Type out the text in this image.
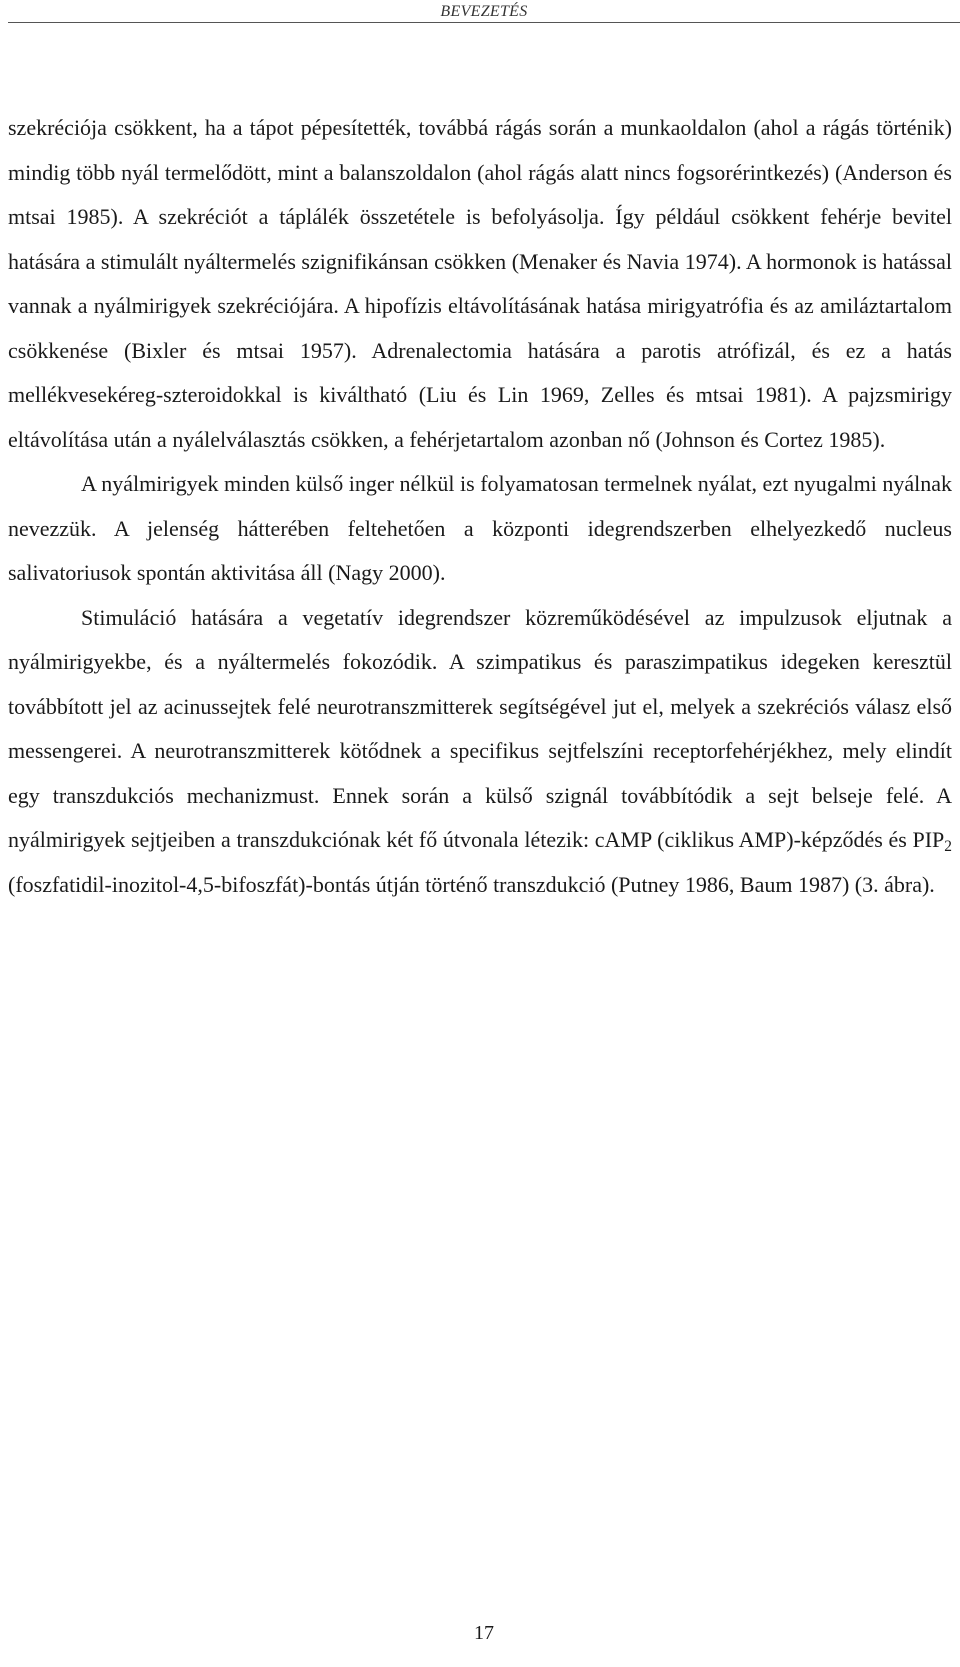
BEVEZETÉS

szekréciója csökkent, ha a tápot pépesítették, továbbá rágás során a munkaoldalon (ahol a rágás történik) mindig több nyál termelődött, mint a balanszoldalon (ahol rágás alatt nincs fogsorérintkezés) (Anderson és mtsai 1985). A szekréciót a táplálék összetétele is befolyásolja. Így például csökkent fehérje bevitel hatására a stimulált nyáltermelés szignifikánsan csökken (Menaker és Navia 1974). A hormonok is hatással vannak a nyálmirigyek szekréciójára. A hipofízis eltávolításának hatása mirigyatrófia és az amiláztartalom csökkenése (Bixler és mtsai 1957). Adrenalectomia hatására a parotis atrófizál, és ez a hatás mellékvesekéreg-szteroidokkal is kiváltható (Liu és Lin 1969, Zelles és mtsai 1981). A pajzsmirigy eltávolítása után a nyálelválasztás csökken, a fehérjetartalom azonban nő (Johnson és Cortez 1985).

A nyálmirigyek minden külső inger nélkül is folyamatosan termelnek nyálat, ezt nyugalmi nyálnak nevezzük. A jelenség hátterében feltehetően a központi idegrendszerben elhelyezkedő nucleus salivatoriusok spontán aktivitása áll (Nagy 2000).

Stimuláció hatására a vegetatív idegrendszer közreműködésével az impulzusok eljutnak a nyálmirigyekbe, és a nyáltermelés fokozódik. A szimpatikus és paraszimpatikus idegeken keresztül továbbított jel az acinussejtek felé neurotranszmitterek segítségével jut el, melyek a szekréciós válasz első messengerei. A neurotranszmitterek kötődnek a specifikus sejtfelszíni receptorfehérjékhez, mely elindít egy transzdukciós mechanizmust. Ennek során a külső szignál továbbítódik a sejt belseje felé. A nyálmirigyek sejtjeiben a transzdukciónak két fő útvonala létezik: cAMP (ciklikus AMP)-képződés és $PIP_2$ (foszfatidil-inozitol-4,5-bifoszfát)-bontás útján történő transzdukció (Putney 1986, Baum 1987) (3. ábra).

17
